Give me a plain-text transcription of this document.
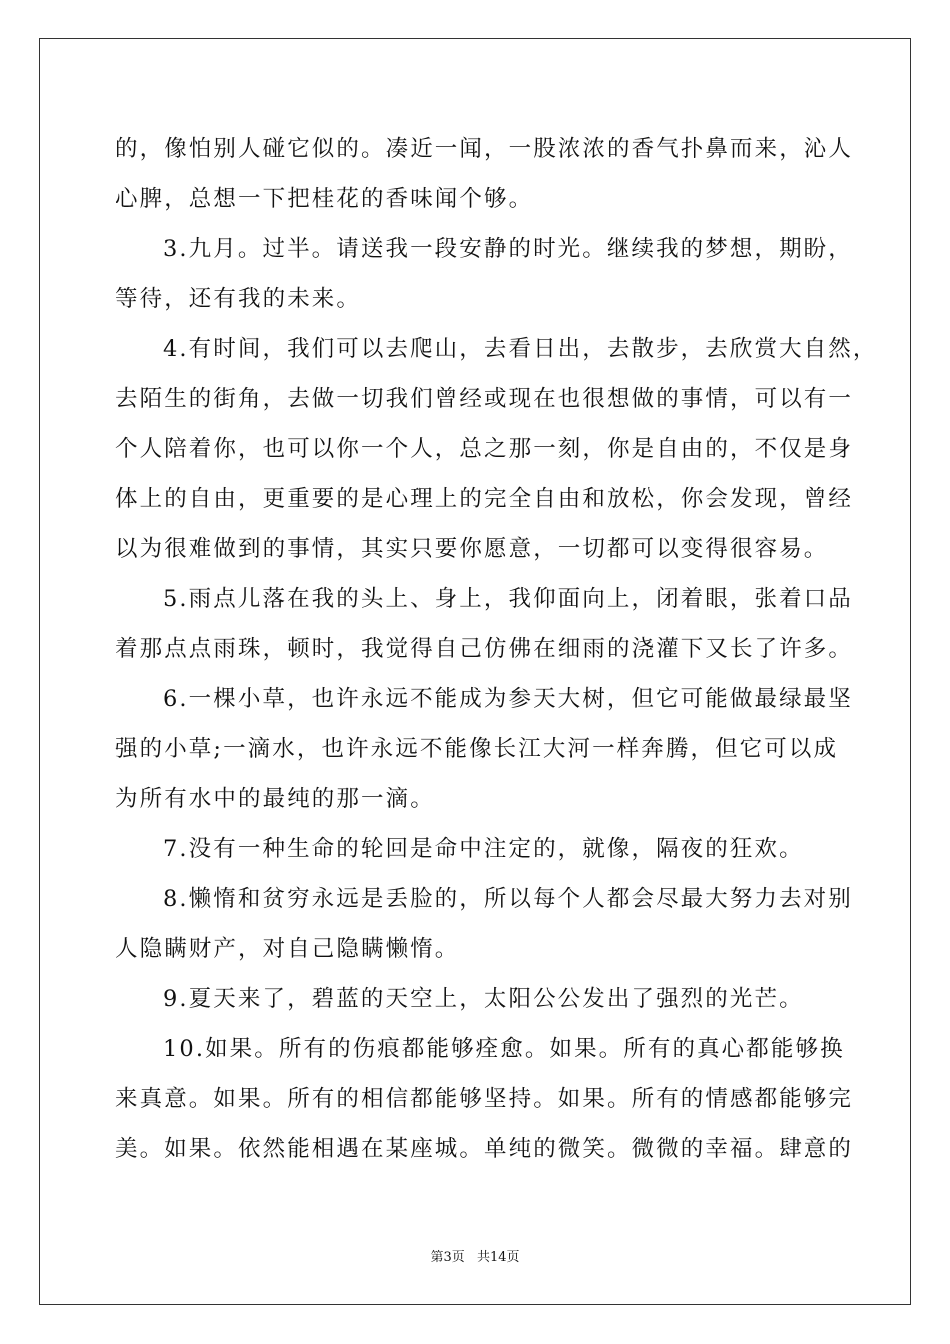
的，像怕别人碰它似的。凑近一闻，一股浓浓的香气扑鼻而来，沁人
心脾，总想一下把桂花的香味闻个够。
3.九月。过半。请送我一段安静的时光。继续我的梦想，期盼，
等待，还有我的未来。
4.有时间，我们可以去爬山，去看日出，去散步，去欣赏大自然，
去陌生的街角，去做一切我们曾经或现在也很想做的事情，可以有一
个人陪着你，也可以你一个人，总之那一刻，你是自由的，不仅是身
体上的自由，更重要的是心理上的完全自由和放松，你会发现，曾经
以为很难做到的事情，其实只要你愿意，一切都可以变得很容易。
5.雨点儿落在我的头上、身上，我仰面向上，闭着眼，张着口品
着那点点雨珠，顿时，我觉得自己仿佛在细雨的浇灌下又长了许多。
6.一棵小草，也许永远不能成为参天大树，但它可能做最绿最坚
强的小草;一滴水，也许永远不能像长江大河一样奔腾，但它可以成
为所有水中的最纯的那一滴。
7.没有一种生命的轮回是命中注定的，就像，隔夜的狂欢。
8.懒惰和贫穷永远是丢脸的，所以每个人都会尽最大努力去对别
人隐瞒财产，对自己隐瞒懒惰。
9.夏天来了，碧蓝的天空上，太阳公公发出了强烈的光芒。
10.如果。所有的伤痕都能够痊愈。如果。所有的真心都能够换
来真意。如果。所有的相信都能够坚持。如果。所有的情感都能够完
美。如果。依然能相遇在某座城。单纯的微笑。微微的幸福。肆意的
第3页 共14页
